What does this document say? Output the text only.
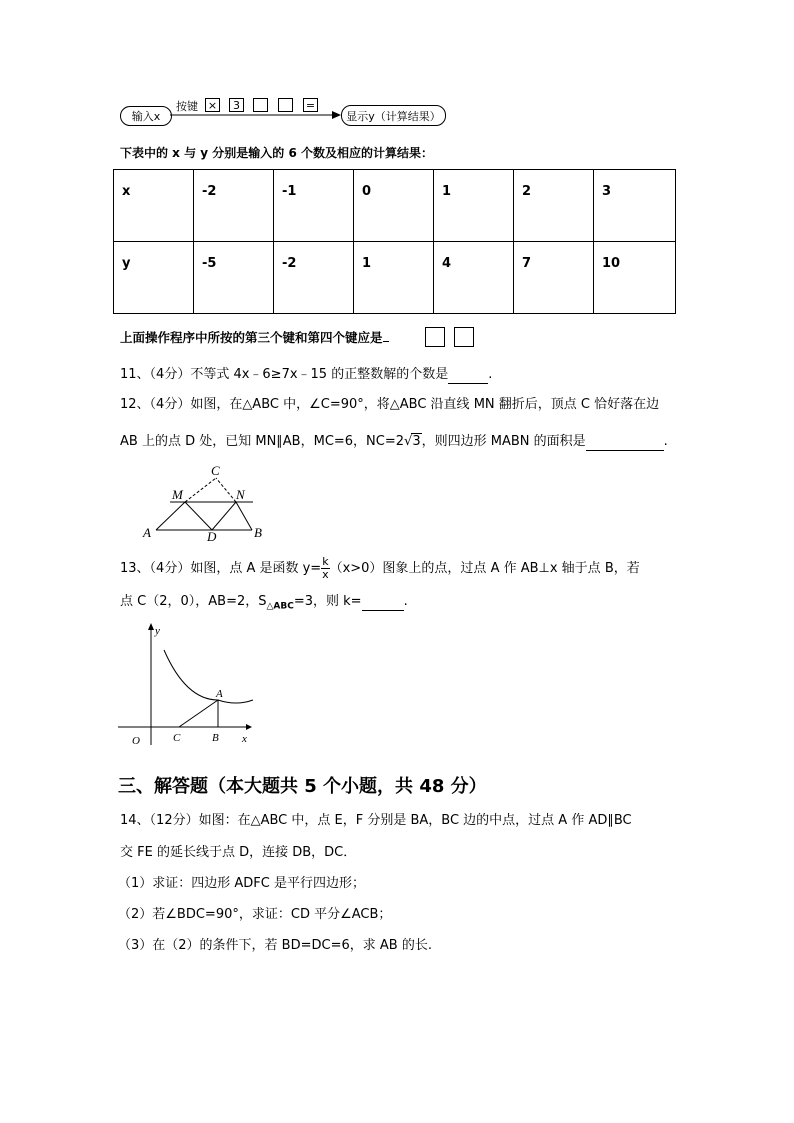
输入x
按键 ×	3	=
显示y（计算结果）
下表中的 x 与 y 分别是输入的 6 个数及相应的计算结果：
x	-2	-1	0	1	2	3
y	-5	-2	1	4	7	10
上面操作程序中所按的第三个键和第四个键应是
11、（4分）不等式 4x﹣6≥7x﹣15 的正整数解的个数是	.
12、（4分）如图，在△ABC 中，∠C=90°，将△ABC 沿直线 MN 翻折后，顶点 C 恰好落在边
AB 上的点 D 处，已知 MN∥AB，MC=6，NC=2√3，则四边形 MABN 的面积是	.
C
M	N
A	D	B
13、（4分）如图，点 A 是函数 $y= \frac{k}{x} (x>0)$图象上的点，过点 A 作 AB⊥x 轴于点 B，若
点 C（2，0），AB=2，$S_{\triangle ABC}=3$，则 k=	.
y
x
O	C	B
A
三、解答题（本大题共 5 个小题，共 48 分）
14、（12分）如图：在△ABC 中，点 E，F 分别是 BA，BC 边的中点，过点 A 作 AD∥BC
交 FE 的延长线于点 D，连接 DB，DC．
（1）求证：四边形 ADFC 是平行四边形；
（2）若∠BDC=90°，求证：CD 平分∠ACB；
（3）在（2）的条件下，若 BD=DC=6，求 AB 的长.
